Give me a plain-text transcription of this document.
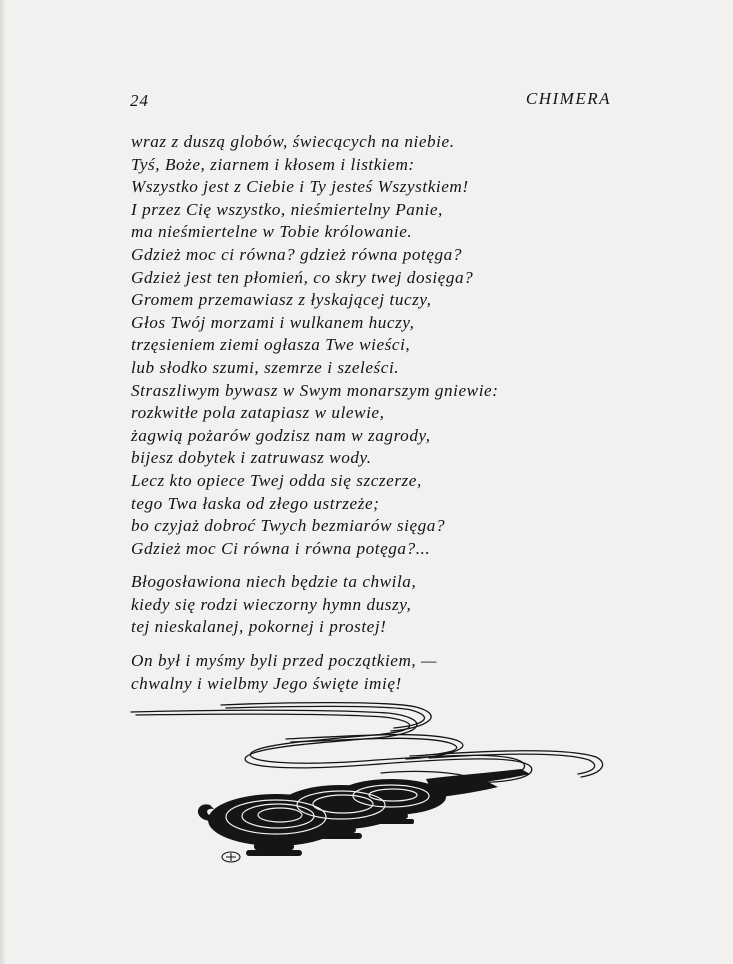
24	CHIMERA
wraz z duszą globów, świecących na niebie.
Tyś, Boże, ziarnem i kłosem i listkiem:
Wszystko jest z Ciebie i Ty jesteś Wszystkiem!
I przez Cię wszystko, nieśmiertelny Panie,
ma nieśmiertelne w Tobie królowanie.
Gdzież moc ci równa? gdzież równa potęga?
Gdzież jest ten płomień, co skry twej dosięga?
Gromem przemawiasz z łyskającej tuczy,
Głos Twój morzami i wulkanem huczy,
trzęsieniem ziemi ogłasza Twe wieści,
lub słodko szumi, szemrze i szeleści.
Straszliwym bywasz w Swym monarszym gniewie:
rozkwitłe pola zatapiasz w ulewie,
żagwią pożarów godzisz nam w zagrody,
bijesz dobytek i zatruwasz wody.
Lecz kto opiece Twej odda się szczerze,
tego Twa łaska od złego ustrzeże;
bo czyjaż dobroć Twych bezmiarów sięga?
Gdzież moc Ci równa i równa potęga?...
Błogosławiona niech będzie ta chwila,
kiedy się rodzi wieczorny hymn duszy,
tej nieskalanej, pokornej i prostej!
On był i myśmy byli przed początkiem, —
chwalny i wielbmy Jego święte imię!
